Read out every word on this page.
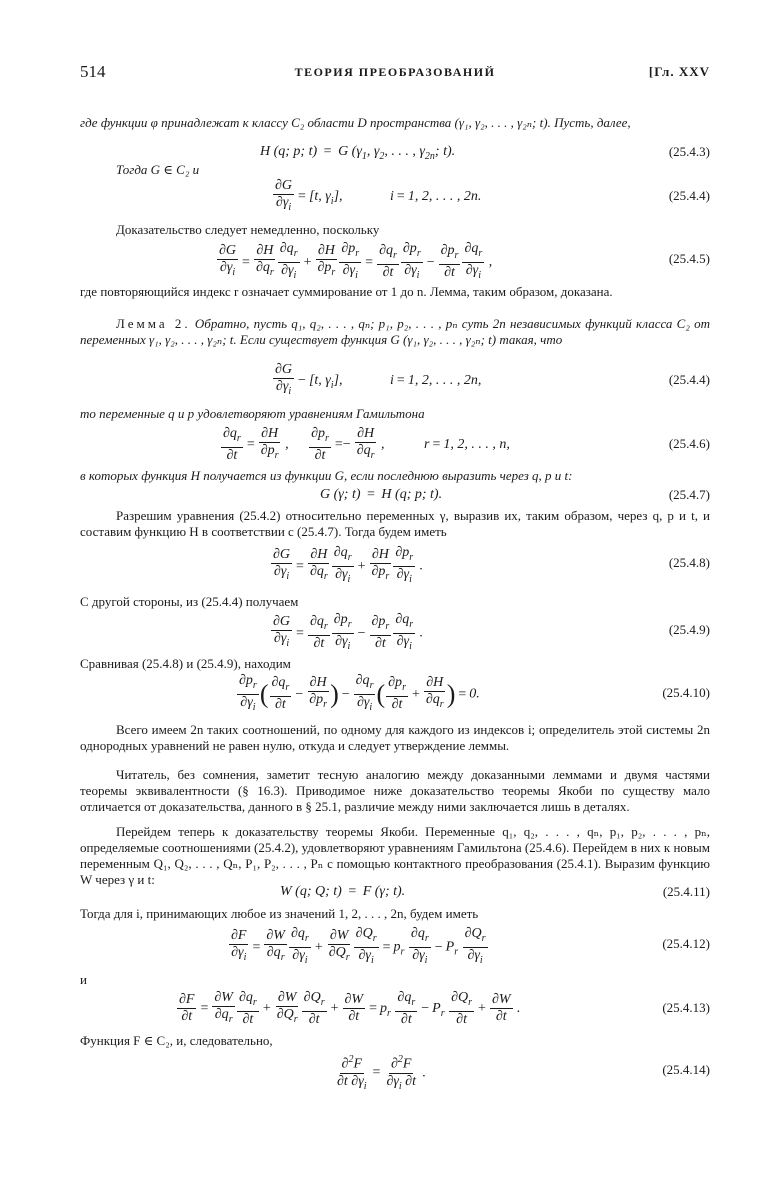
514	ТЕОРИЯ ПРЕОБРАЗОВАНИЙ	[Гл. XXV
где функции φ принадлежат к классу C₂ области D пространства (γ₁, γ₂, . . . , γ₂ₙ; t). Пусть, далее,
H (q; p; t) = G ($\gamma_1$, $\gamma_2$, . . . , $\gamma_{2n}$; t).	(25.4.3)
Тогда G ∈ C₂ и
$\frac{\partial G}{\partial\gamma_i} = [t$, $\gamma_i$],	i = 1, 2, . . . , 2n.	(25.4.4)
Доказательство следует немедленно, поскольку
$\frac{\partial G}{\partial\gamma_i} = \frac{\partial H}{\partial q_r} \frac{\partial q_r}{\partial\gamma_i} + \frac{\partial H}{\partial p_r} \frac{\partial p_r}{\partial\gamma_i} = \frac{\partial q_r}{\partial t} \frac{\partial p_r}{\partial\gamma_i} - \frac{\partial p_r}{\partial t} \frac{\partial q_r}{\partial\gamma_i}$ ,	(25.4.5)
где повторяющийся индекс r означает суммирование от 1 до n. Лемма, таким образом, доказана.
Лемма 2. Обратно, пусть q₁, q₂, . . . , qₙ; p₁, p₂, . . . , pₙ суть 2n независимых функций класса C₂ от переменных γ₁, γ₂, . . . , γ₂ₙ; t. Если существует функция G (γ₁, γ₂, . . . , γ₂ₙ; t) такая, что
$\frac{\partial G}{\partial\gamma_i} - [t$, $\gamma_i$],	i = 1, 2, . . . , 2n,	(25.4.4)
то переменные q и p удовлетворяют уравнениям Гамильтона
$\frac{\partial q_r}{\partial t} = \frac{\partial H}{\partial p_r}$ , $\frac{\partial p_r}{\partial t} =- \frac{\partial H}{\partial q_r}$ ,	r = 1, 2, . . . , n,	(25.4.6)
в которых функция H получается из функции G, если последнюю выразить через q, p и t:
G (γ; t) = H (q; p; t).	(25.4.7)
Разрешим уравнения (25.4.2) относительно переменных γ, выразив их, таким образом, через q, p и t, и составим функцию H в соответствии с (25.4.7). Тогда будем иметь
$\frac{\partial G}{\partial\gamma_i} = \frac{\partial H}{\partial q_r} \frac{\partial q_r}{\partial\gamma_i} + \frac{\partial H}{\partial p_r} \frac{\partial p_r}{\partial\gamma_i}$ .	(25.4.8)
С другой стороны, из (25.4.4) получаем
$\frac{\partial G}{\partial\gamma_i} = \frac{\partial q_r}{\partial t} \frac{\partial p_r}{\partial\gamma_i} - \frac{\partial p_r}{\partial t} \frac{\partial q_r}{\partial\gamma_i}$ .	(25.4.9)
Сравнивая (25.4.8) и (25.4.9), находим
$\frac{\partial p_r}{\partial\gamma_i}$ ( $\frac{\partial q_r}{\partial t} - \frac{\partial H}{\partial p_r}$ ) − $\frac{\partial q_r}{\partial\gamma_i}$ ( $\frac{\partial p_r}{\partial t} + \frac{\partial H}{\partial q_r}$ ) = 0.	(25.4.10)
Всего имеем 2n таких соотношений, по одному для каждого из индексов i; определитель этой системы 2n однородных уравнений не равен нулю, откуда и следует утверждение леммы.
Читатель, без сомнения, заметит тесную аналогию между доказанными леммами и двумя частями теоремы эквивалентности (§ 16.3). Приводимое ниже доказательство теоремы Якоби по существу мало отличается от доказательства, данного в § 25.1, различие между ними заключается лишь в деталях.
Перейдем теперь к доказательству теоремы Якоби. Переменные q₁, q₂, . . . , qₙ, p₁, p₂, . . . , pₙ, определяемые соотношениями (25.4.2), удовлетворяют уравнениям Гамильтона (25.4.6). Перейдем в них к новым переменным Q₁, Q₂, . . . , Qₙ, P₁, P₂, . . . , Pₙ с помощью контактного преобразования (25.4.1). Выразим функцию W через γ и t:
W (q; Q; t) = F (γ; t).	(25.4.11)
Тогда для i, принимающих любое из значений 1, 2, . . . , 2n, будем иметь
$\frac{\partial F}{\partial\gamma_i} = \frac{\partial W}{\partial q_r} \frac{\partial q_r}{\partial\gamma_i} + \frac{\partial W}{\partial Q_r} \frac{\partial Q_r}{\partial\gamma_i} = p_r \frac{\partial q_r}{\partial\gamma_i} - P_r \frac{\partial Q_r}{\partial\gamma_i}$	(25.4.12)
и
$\frac{\partial F}{\partial t} = \frac{\partial W}{\partial q_r} \frac{\partial q_r}{\partial t} + \frac{\partial W}{\partial Q_r} \frac{\partial Q_r}{\partial t} + \frac{\partial W}{\partial t} = p_r \frac{\partial q_r}{\partial t} - P_r \frac{\partial Q_r}{\partial t} + \frac{\partial W}{\partial t}$ .	(25.4.13)
Функция F ∈ C₂, и, следовательно,
$\frac{\partial^2F}{\partial t \partial\gamma_i} = \frac{\partial^2F}{\partial\gamma_i \partial t}$ .	(25.4.14)
